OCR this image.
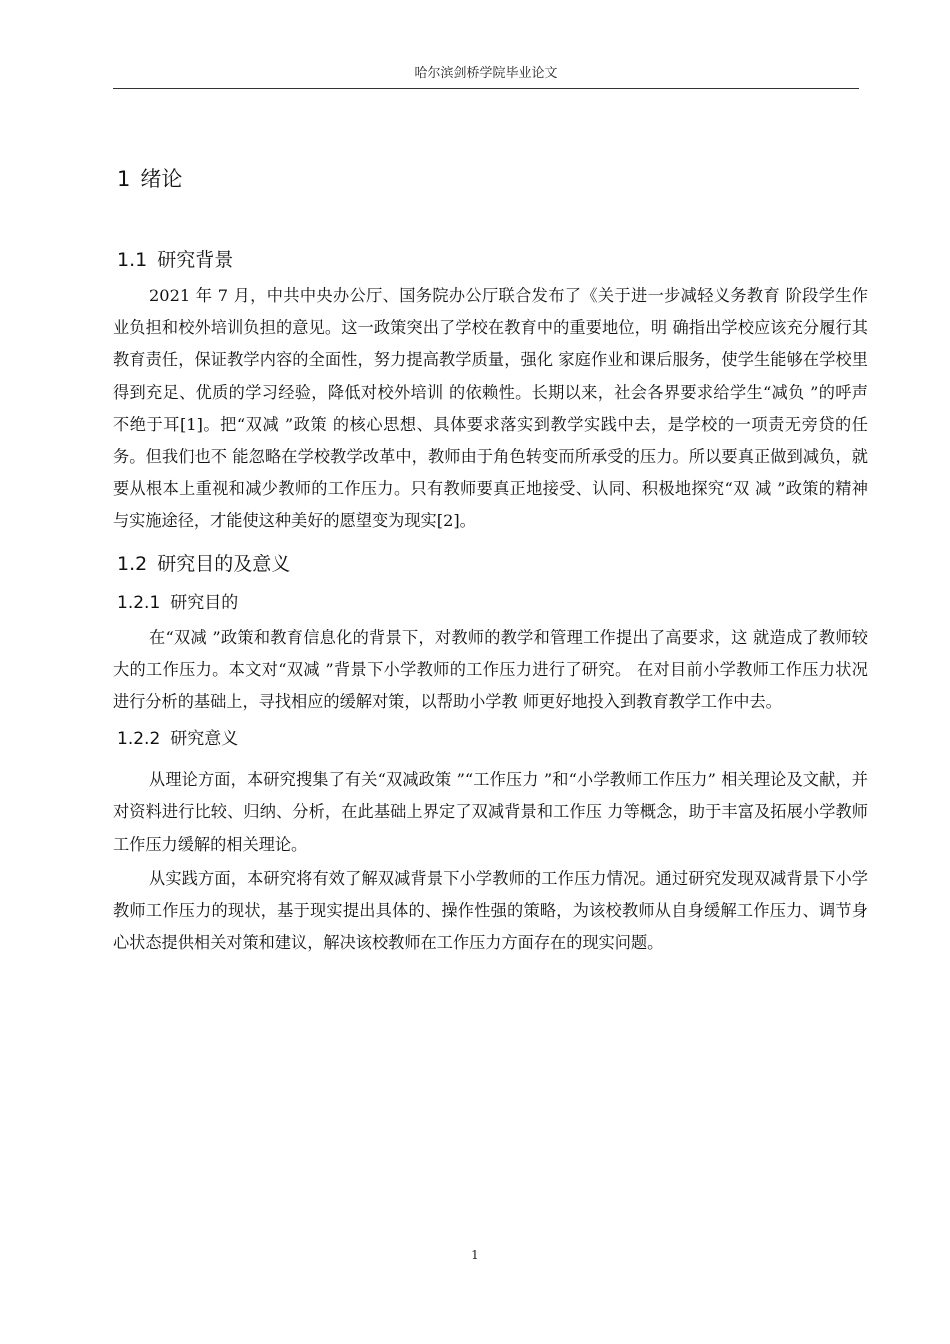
哈尔滨剑桥学院毕业论文
1 绪论
1.1 研究背景

2021 年 7 月，中共中央办公厅、国务院办公厅联合发布了《关于进一步减轻义务教育 阶段学生作业负担和校外培训负担的意见。这一政策突出了学校在教育中的重要地位，明 确指出学校应该充分履行其教育责任，保证教学内容的全面性，努力提高教学质量，强化 家庭作业和课后服务，使学生能够在学校里得到充足、优质的学习经验，降低对校外培训 的依赖性。长期以来，社会各界要求给学生“减负 ”的呼声不绝于耳[1]。把“双减 ”政策 的核心思想、具体要求落实到教学实践中去，是学校的一项责无旁贷的任务。但我们也不 能忽略在学校教学改革中，教师由于角色转变而所承受的压力。所以要真正做到减负，就 要从根本上重视和减少教师的工作压力。只有教师要真正地接受、认同、积极地探究“双 减 ”政策的精神与实施途径，才能使这种美好的愿望变为现实[2]。

1.2 研究目的及意义
1.2.1 研究目的

在“双减 ”政策和教育信息化的背景下，对教师的教学和管理工作提出了高要求，这 就造成了教师较大的工作压力。本文对“双减 ”背景下小学教师的工作压力进行了研究。 在对目前小学教师工作压力状况进行分析的基础上，寻找相应的缓解对策，以帮助小学教 师更好地投入到教育教学工作中去。

1.2.2 研究意义

从理论方面，本研究搜集了有关“双减政策 ”“工作压力 ”和“小学教师工作压力” 相关理论及文献，并对资料进行比较、归纳、分析，在此基础上界定了双减背景和工作压 力等概念，助于丰富及拓展小学教师工作压力缓解的相关理论。

从实践方面，本研究将有效了解双减背景下小学教师的工作压力情况。通过研究发现双减背景下小学教师工作压力的现状，基于现实提出具体的、操作性强的策略，为该校教师从自身缓解工作压力、调节身心状态提供相关对策和建议，解决该校教师在工作压力方面存在的现实问题。

1
